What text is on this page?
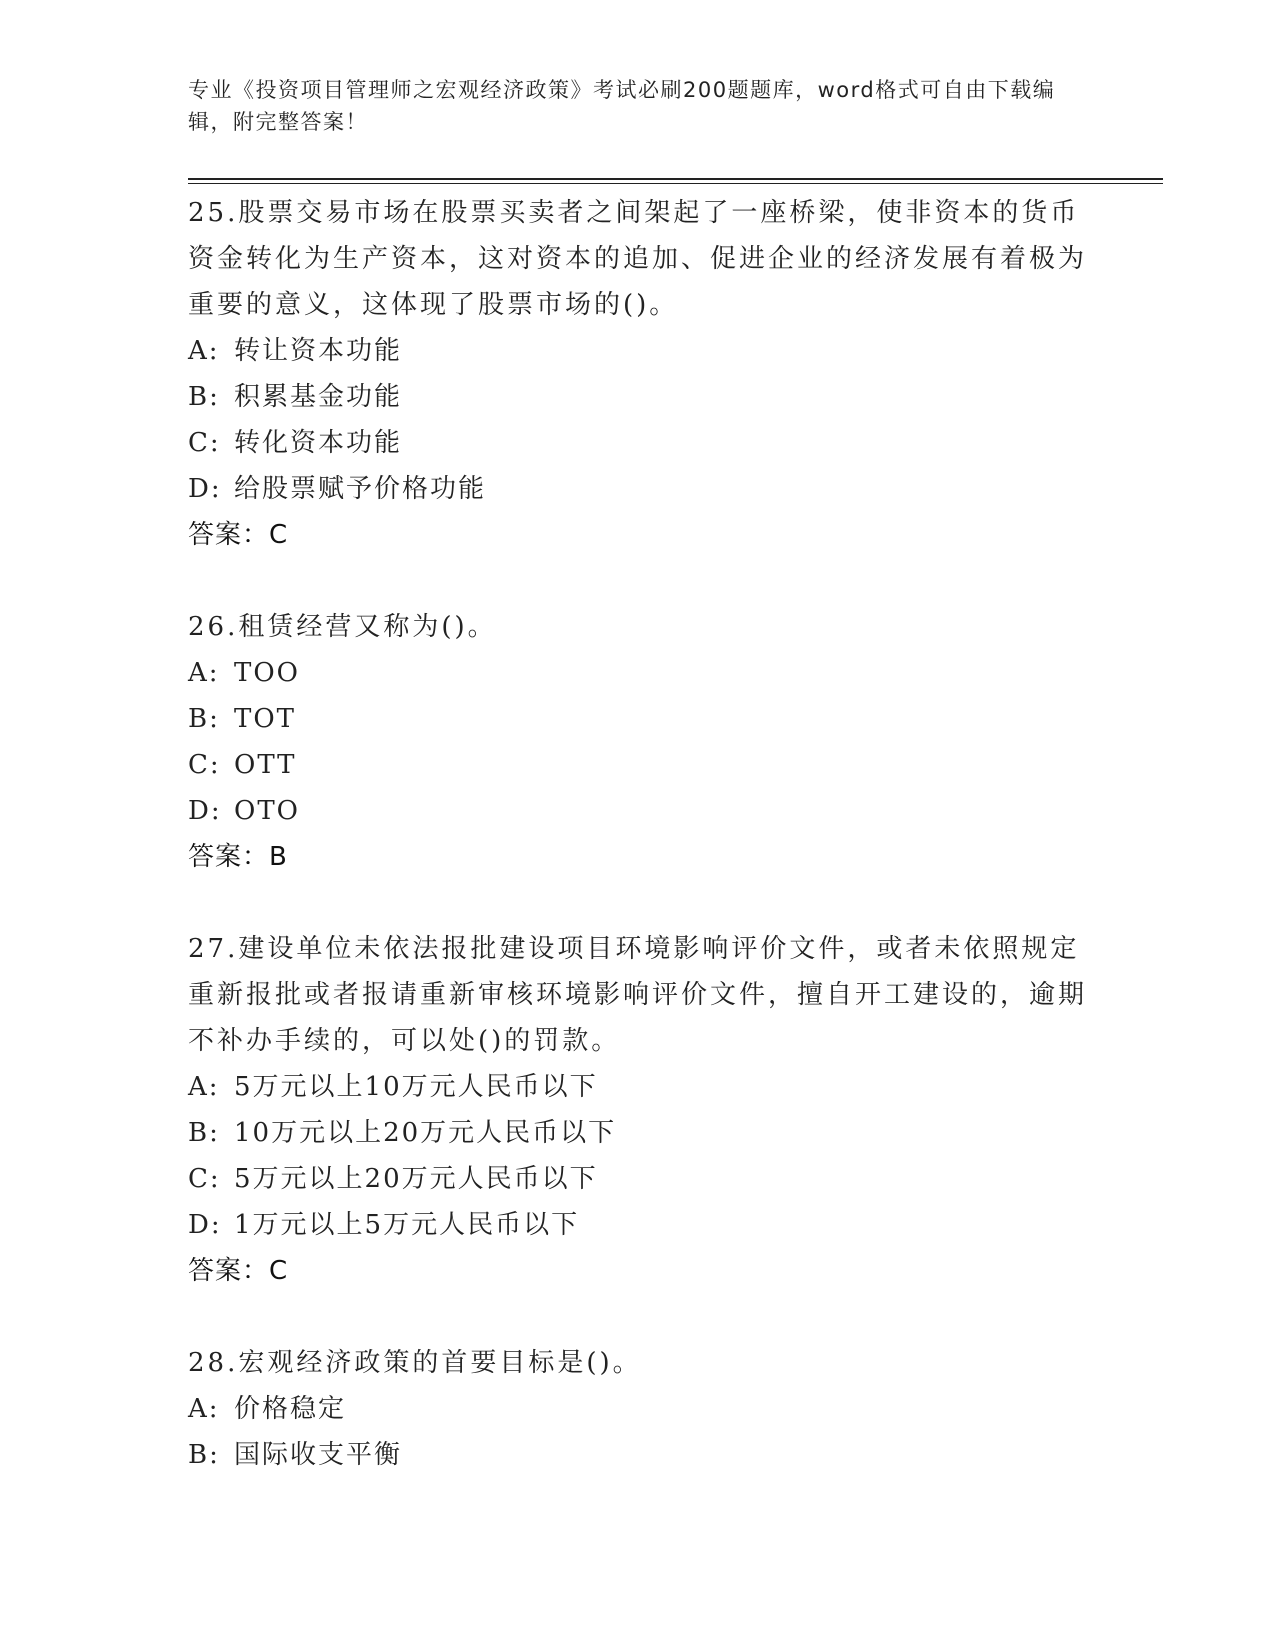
专业《投资项目管理师之宏观经济政策》考试必刷200题题库，word格式可自由下载编辑，附完整答案！

25.股票交易市场在股票买卖者之间架起了一座桥梁，使非资本的货币资金转化为生产资本，这对资本的追加、促进企业的经济发展有着极为重要的意义，这体现了股票市场的()。

A: 转让资本功能

B: 积累基金功能

C: 转化资本功能

D: 给股票赋予价格功能

答案：C

26.租赁经营又称为()。

A: TOO

B: TOT

C: OTT

D: OTO

答案：B

27.建设单位未依法报批建设项目环境影响评价文件，或者未依照规定重新报批或者报请重新审核环境影响评价文件，擅自开工建设的，逾期不补办手续的，可以处()的罚款。

A: 5万元以上10万元人民币以下

B: 10万元以上20万元人民币以下

C: 5万元以上20万元人民币以下

D: 1万元以上5万元人民币以下

答案：C

28.宏观经济政策的首要目标是()。

A: 价格稳定

B: 国际收支平衡
